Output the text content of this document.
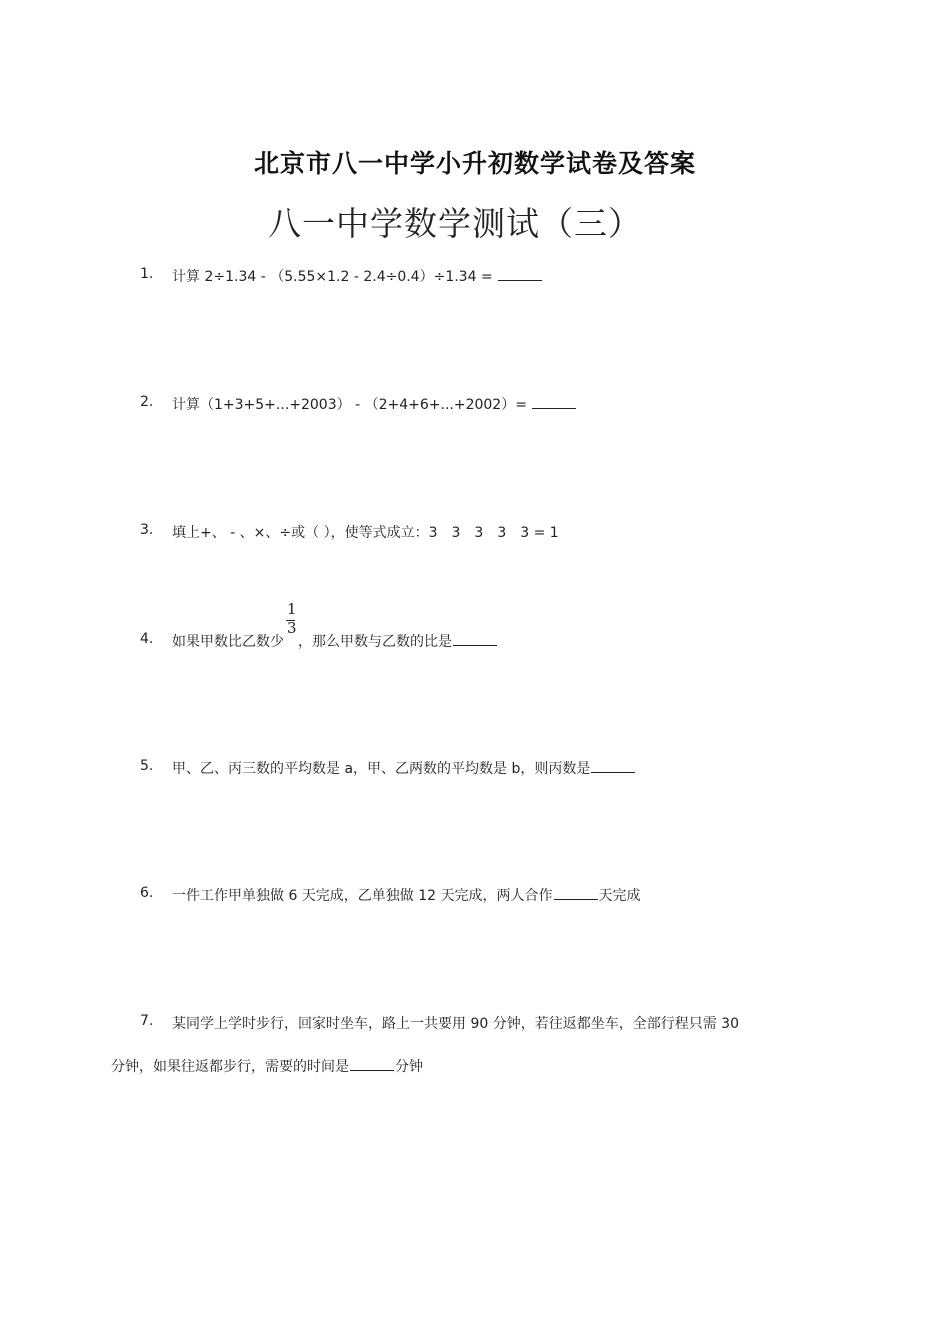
北京市八一中学小升初数学试卷及答案
八一中学数学测试（三）
1. 计算 2÷1.34 - （5.55×1.2 - 2.4÷0.4）÷1.34 =
2. 计算（1+3+5+...+2003） - （2+4+6+...+2002）=
3. 填上+、 - 、×、÷或（ ），使等式成立：3　3　3　3　3 = 1
4. 如果甲数比乙数少 $\frac{1}{3}$ ，那么甲数与乙数的比是
5. 甲、乙、丙三数的平均数是 a，甲、乙两数的平均数是 b，则丙数是
6. 一件工作甲单独做 6 天完成，乙单独做 12 天完成，两人合作	天完成
7. 某同学上学时步行，回家时坐车，路上一共要用 90 分钟，若往返都坐车，全部行程只需 30
分钟，如果往返都步行，需要的时间是	分钟
